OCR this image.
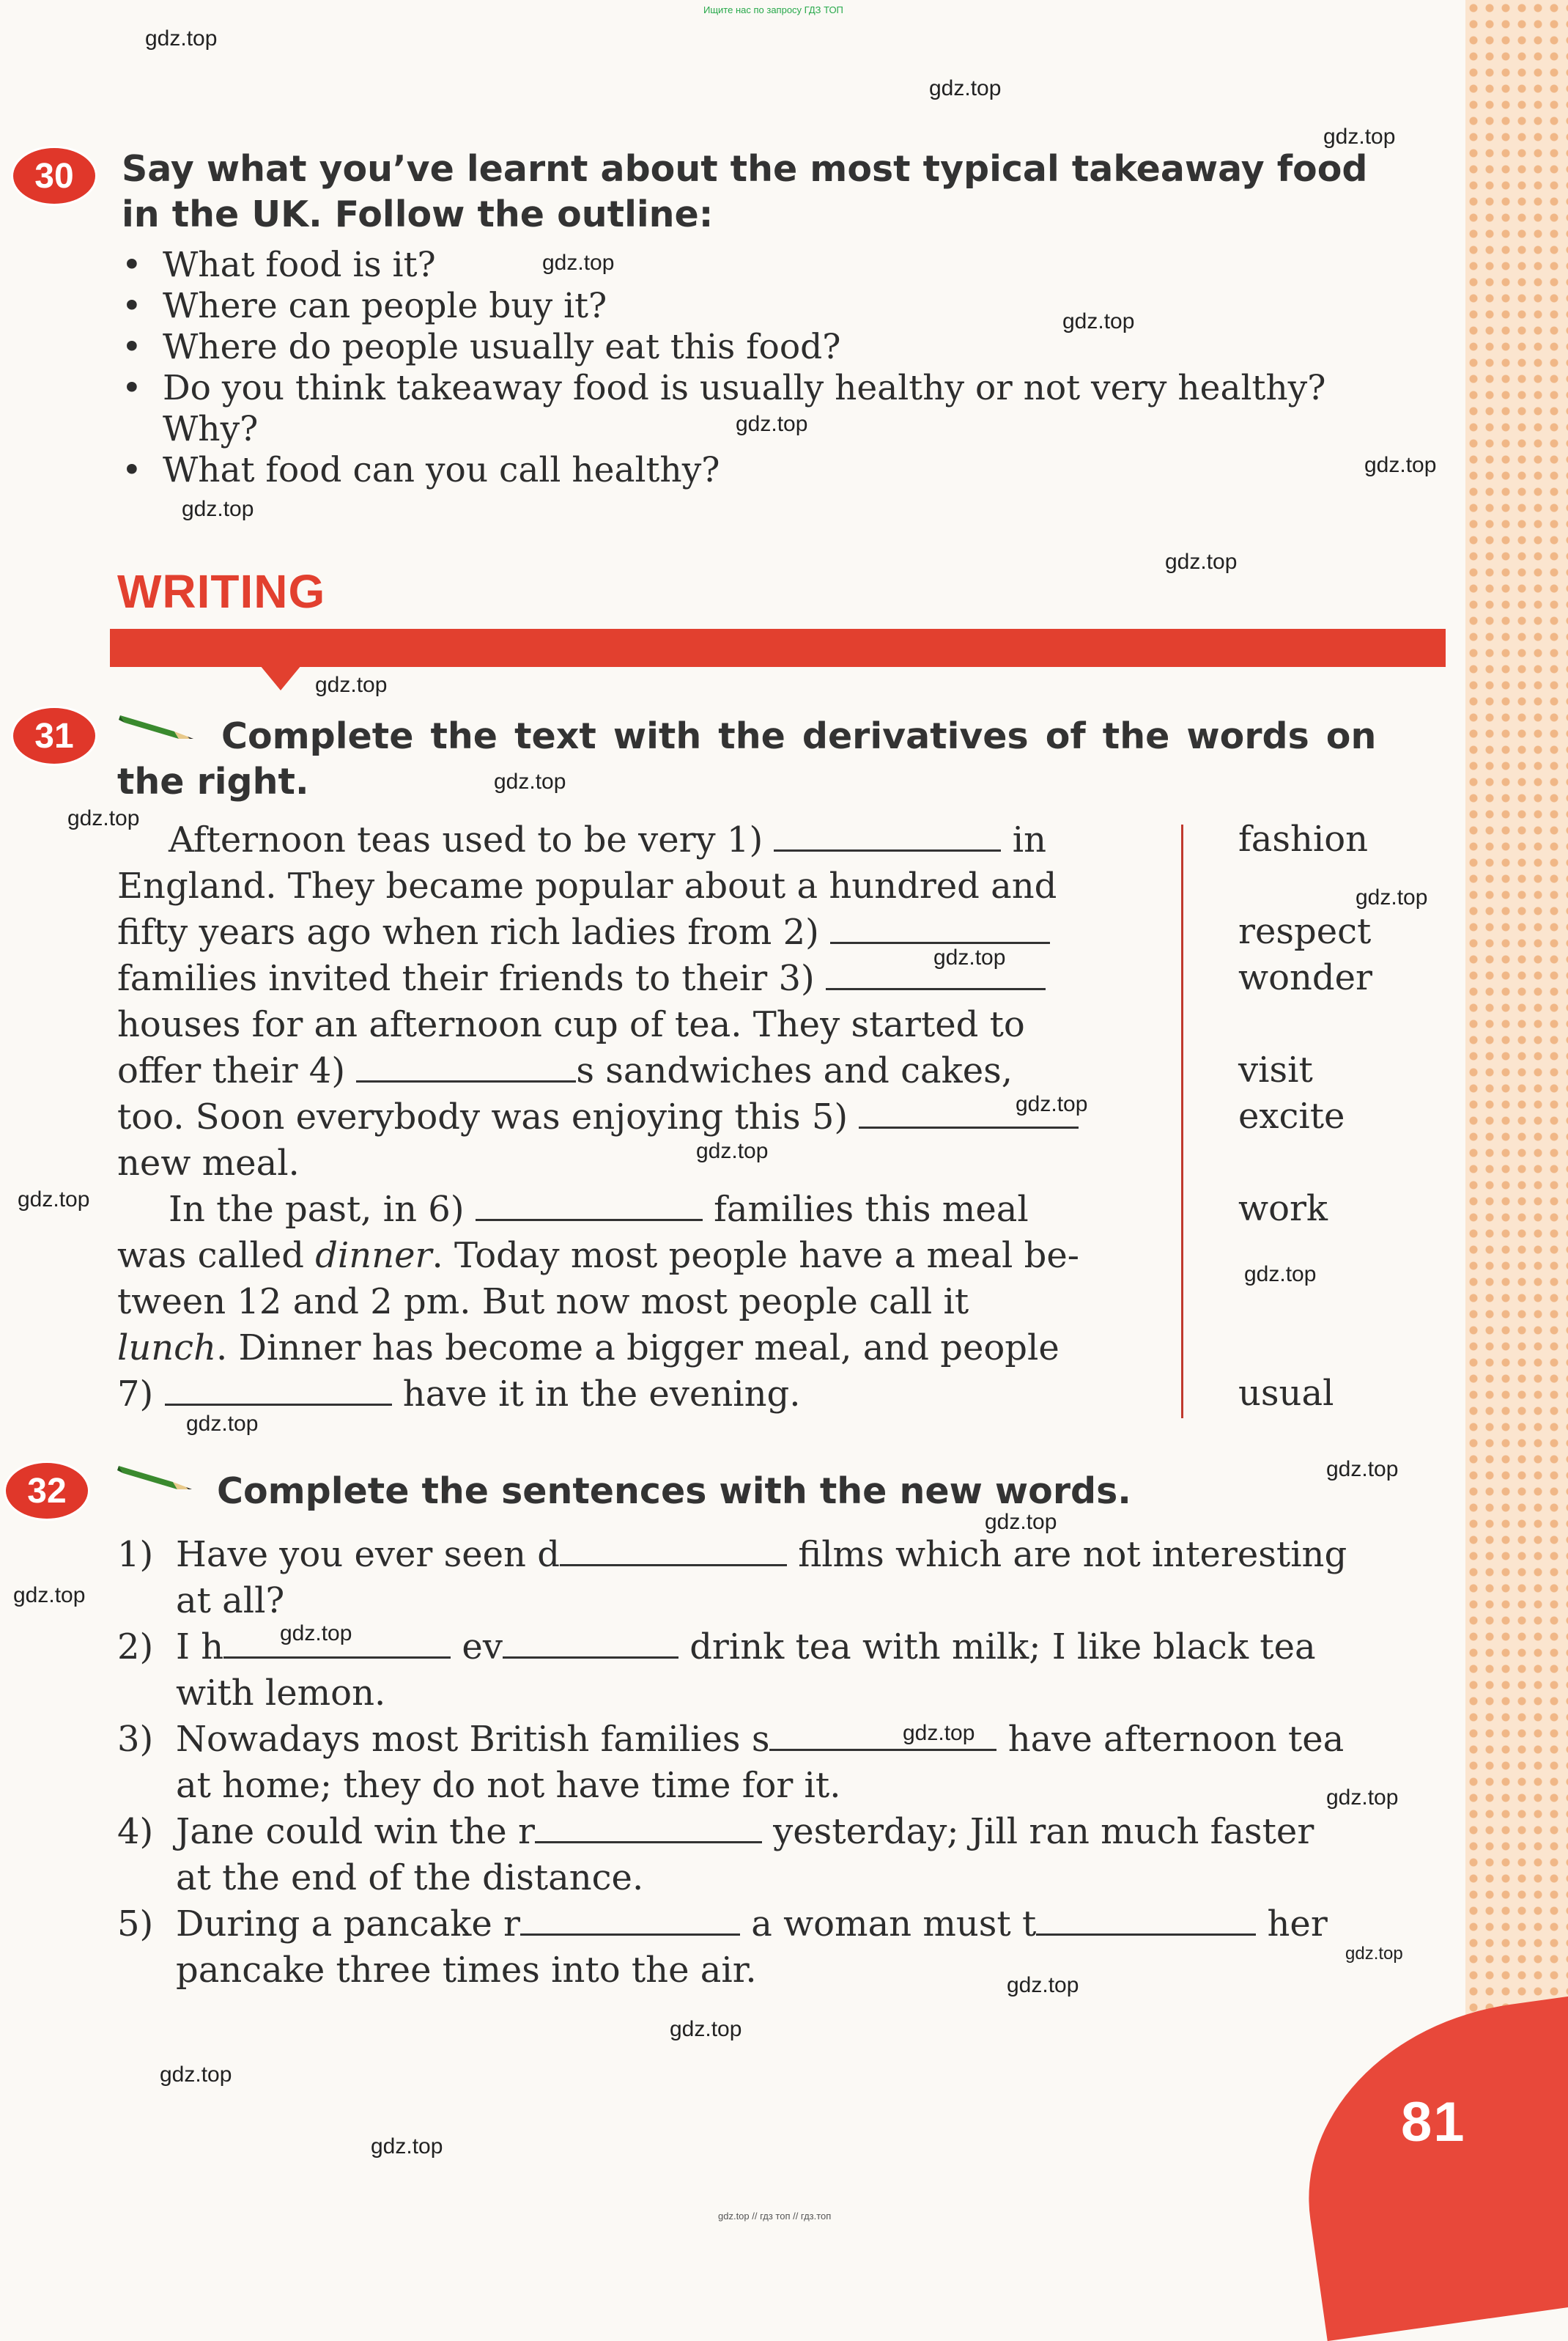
Ищите нас по запросу ГДЗ ТОП
30 Say what you’ve learnt about the most typical takeaway food
in the UK. Follow the outline:
• What food is it?
• Where can people buy it?
• Where do people usually eat this food?
• Do you think takeaway food is usually healthy or not very healthy?
Why?
• What food can you call healthy?
WRITING
31	Complete the text with the derivatives of the words on
the right.

Afternoon teas used to be very 1)	in

England. They became popular about a hundred and

fifty years ago when rich ladies from 2)

families invited their friends to their 3)

houses for an afternoon cup of tea. They started to

offer their 4)	s sandwiches and cakes,

too. Soon everybody was enjoying this 5)

new meal.

In the past, in 6)	families this meal

was called dinner. Today most people have a meal be-

tween 12 and 2 pm. But now most people call it

lunch. Dinner has become a bigger meal, and people

7)	have it in the evening.

fashion
respect
wonder
visit
excite
work
usual
32	Complete the sentences with the new words.
1) Have you ever seen d	films which are not interesting
at all?
2) I h	ev	drink tea with milk; I like black tea
with lemon.
3) Nowadays most British families s	have afternoon tea
at home; they do not have time for it.
4) Jane could win the r	yesterday; Jill ran much faster
at the end of the distance.
5) During a pancake r	a woman must t	her
pancake three times into the air.
81
gdz.top
gdz.top
gdz.top
gdz.top
gdz.top
gdz.top
gdz.top
gdz.top
gdz.top
gdz.top
gdz.top
gdz.top
gdz.top
gdz.top
gdz.top
gdz.top
gdz.top
gdz.top
gdz.top
gdz.top
gdz.top
gdz.top
gdz.top
gdz.top
gdz.top
gdz.top
gdz.top
gdz.top
gdz.top
gdz.top
gdz.top // гдз топ // гдз.топ
